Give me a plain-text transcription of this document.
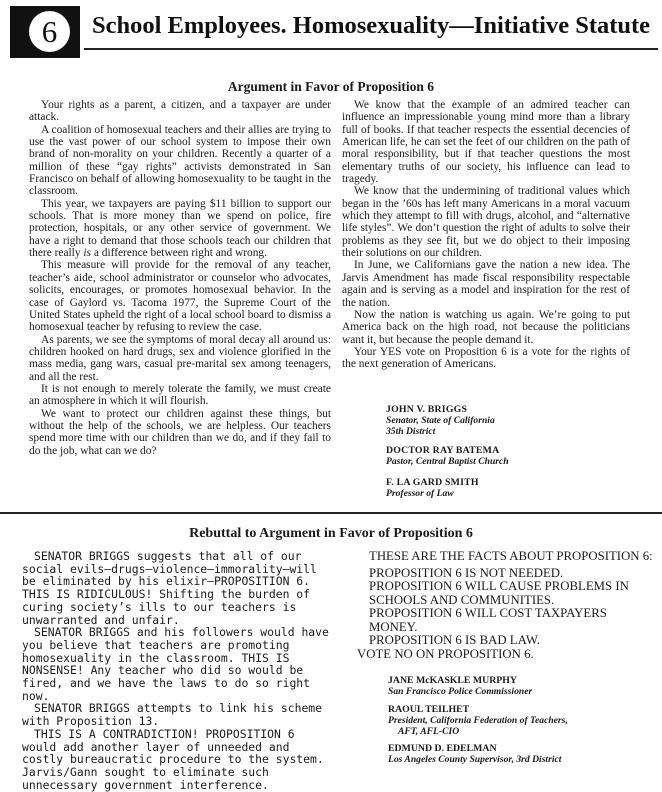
6	School Employees. Homosexuality—Initiative Statute
Argument in Favor of Proposition 6

Your rights as a parent, a citizen, and a taxpayer are under attack.

A coalition of homosexual teachers and their allies are trying to use the vast power of our school system to impose their own brand of non-morality on your children. Recently a quarter of a million of these “gay rights” activists demonstrated in San Francisco on behalf of allowing homosexuality to be taught in the classroom.

This year, we taxpayers are paying $11 billion to support our schools. That is more money than we spend on police, fire protection, hospitals, or any other service of government. We have a right to demand that those schools teach our children that there really is a difference between right and wrong.

This measure will provide for the removal of any teacher, teacher’s aide, school administrator or counselor who advocates, solicits, encourages, or promotes homosexual behavior. In the case of Gaylord vs. Tacoma 1977, the Supreme Court of the United States upheld the right of a local school board to dismiss a homosexual teacher by refusing to review the case.

As parents, we see the symptoms of moral decay all around us: children hooked on hard drugs, sex and violence glorified in the mass media, gang wars, casual pre-marital sex among teenagers, and all the rest.

It is not enough to merely tolerate the family, we must create an atmosphere in which it will flourish.

We want to protect our children against these things, but without the help of the schools, we are helpless. Our teachers spend more time with our children than we do, and if they fail to do the job, what can we do?

We know that the example of an admired teacher can influence an impressionable young mind more than a library full of books. If that teacher respects the essential decencies of American life, he can set the feet of our children on the path of moral responsibility, but if that teacher questions the most elementary truths of our society, his influence can lead to tragedy.

We know that the undermining of traditional values which began in the ’60s has left many Americans in a moral vacuum which they attempt to fill with drugs, alcohol, and “alternative life styles”. We don’t question the right of adults to solve their problems as they see fit, but we do object to their imposing their solutions on our children.

In June, we Californians gave the nation a new idea. The Jarvis Amendment has made fiscal responsibility respectable again and is serving as a model and inspiration for the rest of the nation.

Now the nation is watching us again. We’re going to put America back on the high road, not because the politicians want it, but because the people demand it.

Your YES vote on Proposition 6 is a vote for the rights of the next generation of Americans.

JOHN V. BRIGGS
Senator, State of California
35th District
DOCTOR RAY BATEMA
Pastor, Central Baptist Church
F. LA GARD SMITH
Professor of Law
Rebuttal to Argument in Favor of Proposition 6

SENATOR BRIGGS suggests that all of our social evils—drugs—violence—immorality—will be eliminated by his elixir—PROPOSITION 6. THIS IS RIDICULOUS! Shifting the burden of curing society’s ills to our teachers is unwarranted and unfair.

SENATOR BRIGGS and his followers would have you believe that teachers are promoting homosexuality in the classroom. THIS IS NONSENSE! Any teacher who did so would be fired, and we have the laws to do so right now.

SENATOR BRIGGS attempts to link his scheme with Proposition 13.

THIS IS A CONTRADICTION! PROPOSITION 6 would add another layer of unneeded and costly bureaucratic procedure to the system. Jarvis/Gann sought to eliminate such unnecessary government interference.

THESE ARE THE FACTS ABOUT PROPOSITION 6:

PROPOSITION 6 IS NOT NEEDED.

PROPOSITION 6 WILL CAUSE PROBLEMS IN SCHOOLS AND COMMUNITIES.

PROPOSITION 6 WILL COST TAXPAYERS MONEY.

PROPOSITION 6 IS BAD LAW.

VOTE NO ON PROPOSITION 6.

JANE McKASKLE MURPHY
San Francisco Police Commissioner
RAOUL TEILHET
President, California Federation of Teachers,
AFT, AFL-CIO
EDMUND D. EDELMAN
Los Angeles County Supervisor, 3rd District
